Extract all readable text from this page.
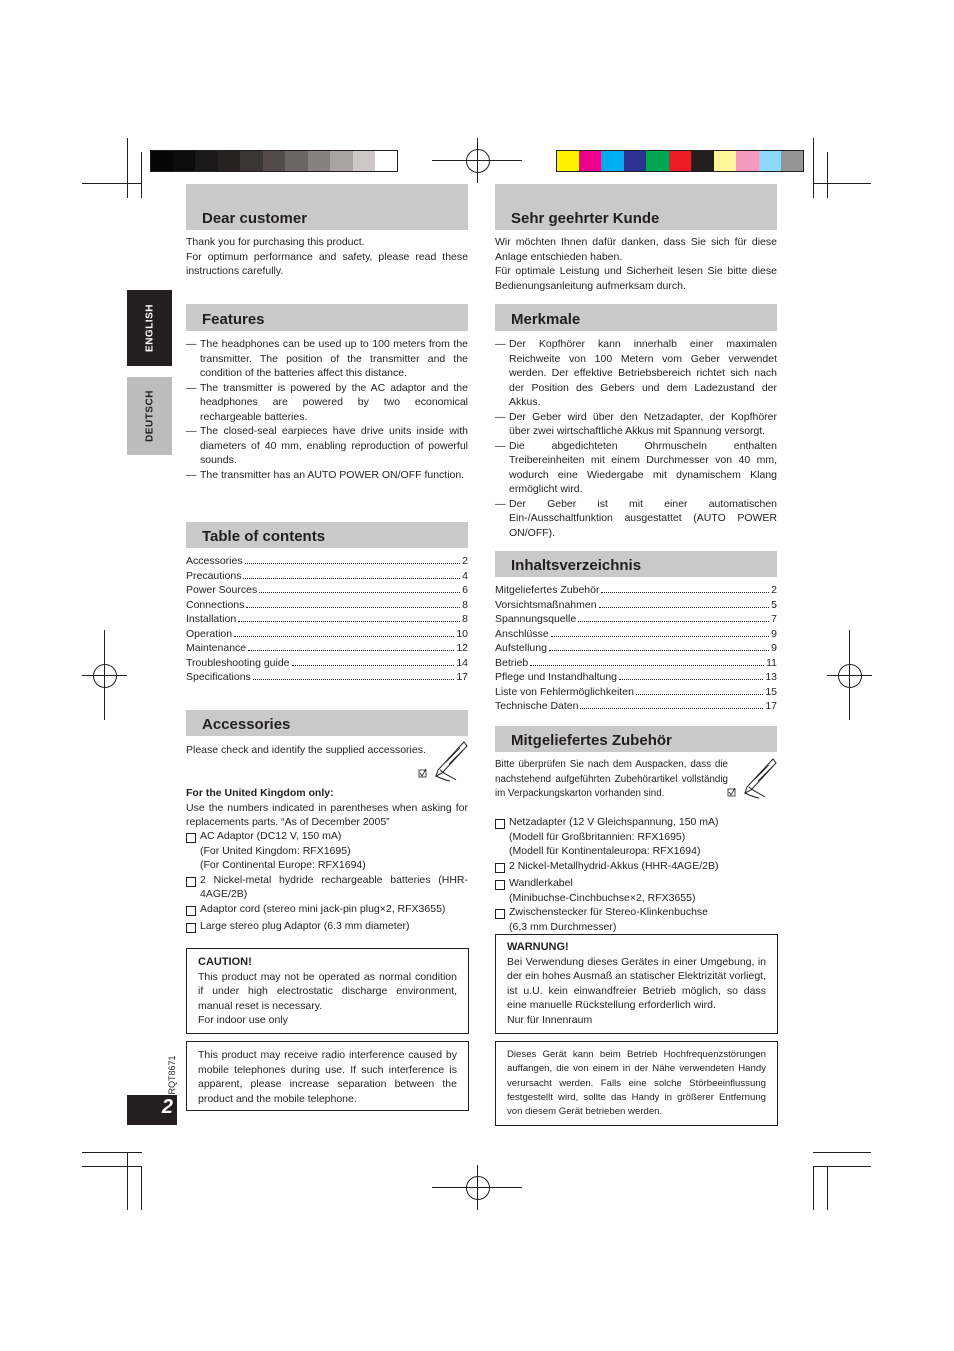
ENGLISH
DEUTSCH
Dear customer

Thank you for purchasing this product.

For optimum performance and safety, please read these instructions carefully.

Features
— The headphones can be used up to 100 meters from the transmitter. The position of the transmitter and the condition of the batteries affect this distance.
— The transmitter is powered by the AC adaptor and the headphones are powered by two economical rechargeable batteries.
— The closed-seal earpieces have drive units inside with diameters of 40 mm, enabling reproduction of powerful sounds.
— The transmitter has an AUTO POWER ON/OFF function.
Table of contents
Accessories	2
Precautions	4
Power Sources	6
Connections	8
Installation	8
Operation	10
Maintenance	12
Troubleshooting guide	14
Specifications	17
Accessories

Please check and identify the supplied accessories.

For the United Kingdom only:

Use the numbers indicated in parentheses when asking for replacements parts. “As of December 2005”

AC Adaptor (DC12 V, 150 mA)

(For United Kingdom: RFX1695)

(For Continental Europe: RFX1694)

2 Nickel-metal hydride rechargeable batteries (HHR-4AGE/2B)

Adaptor cord (stereo mini jack-pin plug×2, RFX3655)

Large stereo plug Adaptor (6.3 mm diameter)

CAUTION!

This product may not be operated as normal condition if under high electrostatic discharge environment, manual reset is necessary.

For indoor use only

This product may receive radio interference caused by mobile telephones during use. If such interference is apparent, please increase separation between the product and the mobile telephone.

RQT8671
2
Sehr geehrter Kunde

Wir möchten Ihnen dafür danken, dass Sie sich für diese Anlage entschieden haben.

Für optimale Leistung und Sicherheit lesen Sie bitte diese Bedienungsanleitung aufmerksam durch.

Merkmale
— Der Kopfhörer kann innerhalb einer maximalen Reichweite von 100 Metern vom Geber verwendet werden. Der effektive Betriebsbereich richtet sich nach der Position des Gebers und dem Ladezustand der Akkus.
— Der Geber wird über den Netzadapter, der Kopfhörer über zwei wirtschaftliche Akkus mit Spannung versorgt.
— Die abgedichteten Ohrmuscheln enthalten Treibereinheiten mit einem Durchmesser von 40 mm, wodurch eine Wiedergabe mit dynamischem Klang ermöglicht wird.
— Der Geber ist mit einer automatischen Ein-/Ausschaltfunktion ausgestattet (AUTO POWER ON/OFF).
Inhaltsverzeichnis
Mitgeliefertes Zubehör	2
Vorsichtsmaßnahmen	5
Spannungsquelle	7
Anschlüsse	9
Aufstellung	9
Betrieb	11
Pflege und Instandhaltung	13
Liste von Fehlermöglichkeiten	15
Technische Daten	17
Mitgeliefertes Zubehör

Bitte überprüfen Sie nach dem Auspacken, dass die nachstehend aufgeführten Zubehörartikel vollständig im Verpackungskarton vorhanden sind.

Netzadapter (12 V Gleichspannung, 150 mA)

(Modell für Großbritannien: RFX1695)

(Modell für Kontinentaleuropa: RFX1694)

2 Nickel-Metallhydrid-Akkus (HHR-4AGE/2B)

Wandlerkabel

(Minibuchse-Cinchbuchse×2, RFX3655)

Zwischenstecker für Stereo-Klinkenbuchse

(6,3 mm Durchmesser)

WARNUNG!

Bei Verwendung dieses Gerätes in einer Umgebung, in der ein hohes Ausmaß an statischer Elektrizität vorliegt, ist u.U. kein einwandfreier Betrieb möglich, so dass eine manuelle Rückstellung erforderlich wird.

Nur für Innenraum

Dieses Gerät kann beim Betrieb Hochfrequenzstörungen auffangen, die von einem in der Nähe verwendeten Handy verursacht werden. Falls eine solche Störbeeinflussung festgestellt wird, sollte das Handy in größerer Entfernung von diesem Gerät betrieben werden.
